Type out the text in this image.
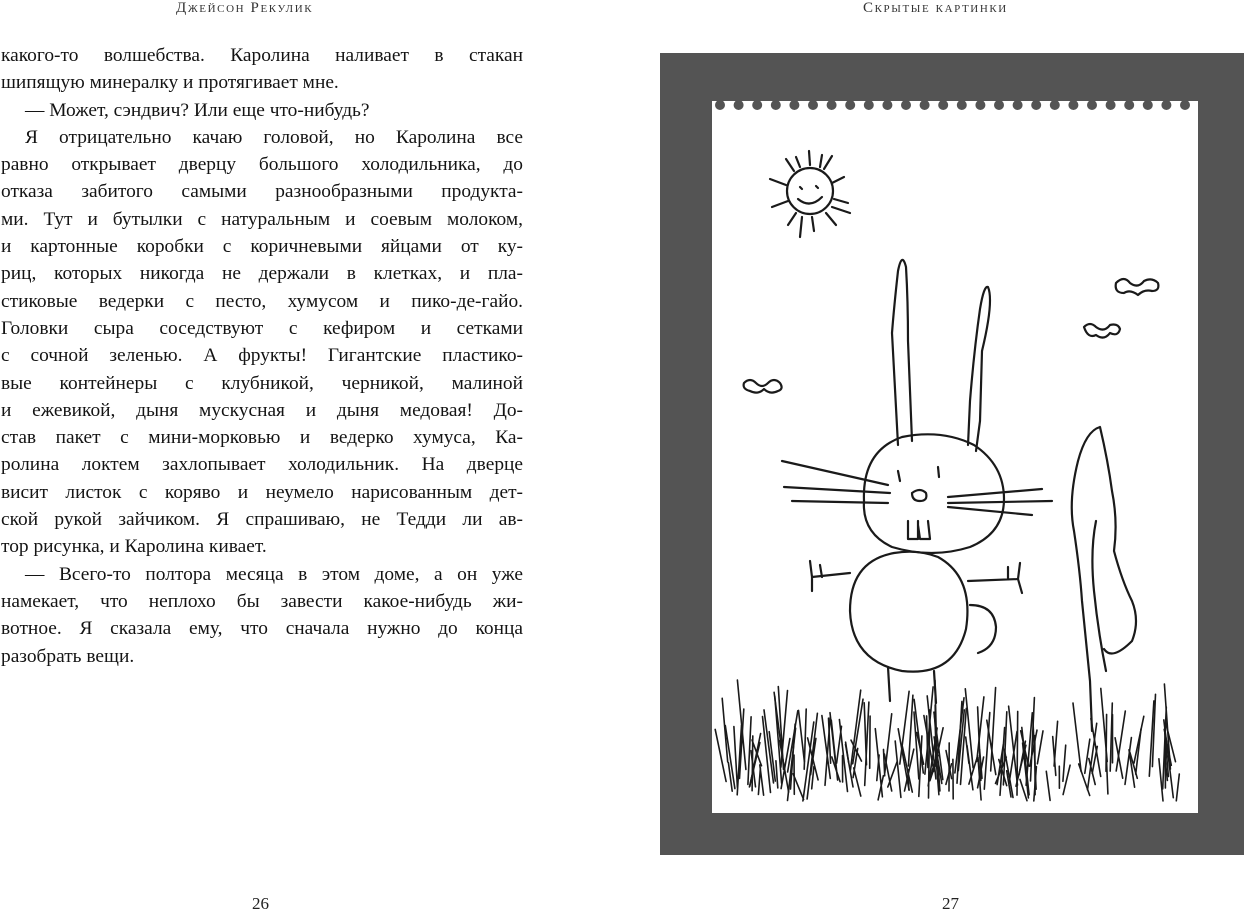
Джейсон Рекулик	Скрытые картинки
какого-то волшебства. Каролина наливает в стакан
шипящую минералку и протягивает мне.
— Может, сэндвич? Или еще что-нибудь?
Я отрицательно качаю головой, но Каролина все
равно открывает дверцу большого холодильника, до
отказа забитого самыми разнообразными продукта-
ми. Тут и бутылки с натуральным и соевым молоком,
и картонные коробки с коричневыми яйцами от ку-
риц, которых никогда не держали в клетках, и пла-
стиковые ведерки с песто, хумусом и пико-де-гайо.
Головки сыра соседствуют с кефиром и сетками
с сочной зеленью. А фрукты! Гигантские пластико-
вые контейнеры с клубникой, черникой, малиной
и ежевикой, дыня мускусная и дыня медовая! До-
став пакет с мини-морковью и ведерко хумуса, Ка-
ролина локтем захлопывает холодильник. На дверце
висит листок с коряво и неумело нарисованным дет-
ской рукой зайчиком. Я спрашиваю, не Тедди ли ав-
тор рисунка, и Каролина кивает.
— Всего-то полтора месяца в этом доме, а он уже
намекает, что неплохо бы завести какое-нибудь жи-
вотное. Я сказала ему, что сначала нужно до конца
разобрать вещи.
26	27
